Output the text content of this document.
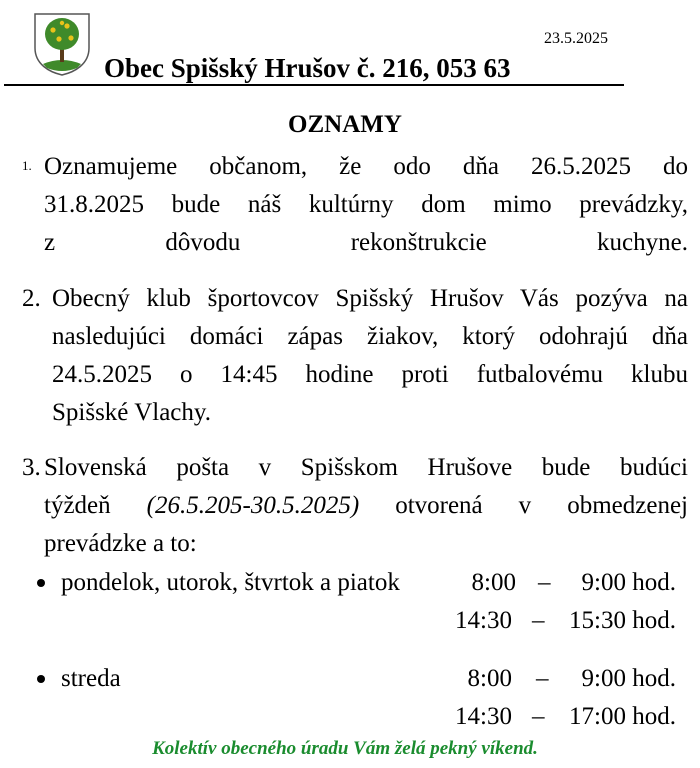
23.5.2025
Obec Spišský Hrušov č. 216, 053 63
OZNAMY
1. Oznamujeme občanom, že odo dňa 26.5.2025 do
31.8.2025 bude náš kultúrny dom mimo prevádzky,
z dôvodu rekonštrukcie kuchyne.
2. Obecný klub športovcov Spišský Hrušov Vás pozýva na
nasledujúci domáci zápas žiakov, ktorý odohrajú dňa
24.5.2025 o 14:45 hodine proti futbalovému klubu
Spišské Vlachy.
3. Slovenská pošta v Spišskom Hrušove bude budúci
týždeň (26.5.205-30.5.2025) otvorená v obmedzenej
prevádzke a to:
pondelok, utorok, štvrtok a piatok	8:00 –	9:00 hod.
14:30 – 15:30 hod.
streda	8:00 –	9:00 hod.
14:30 – 17:00 hod.
Kolektív obecného úradu Vám želá pekný víkend.
